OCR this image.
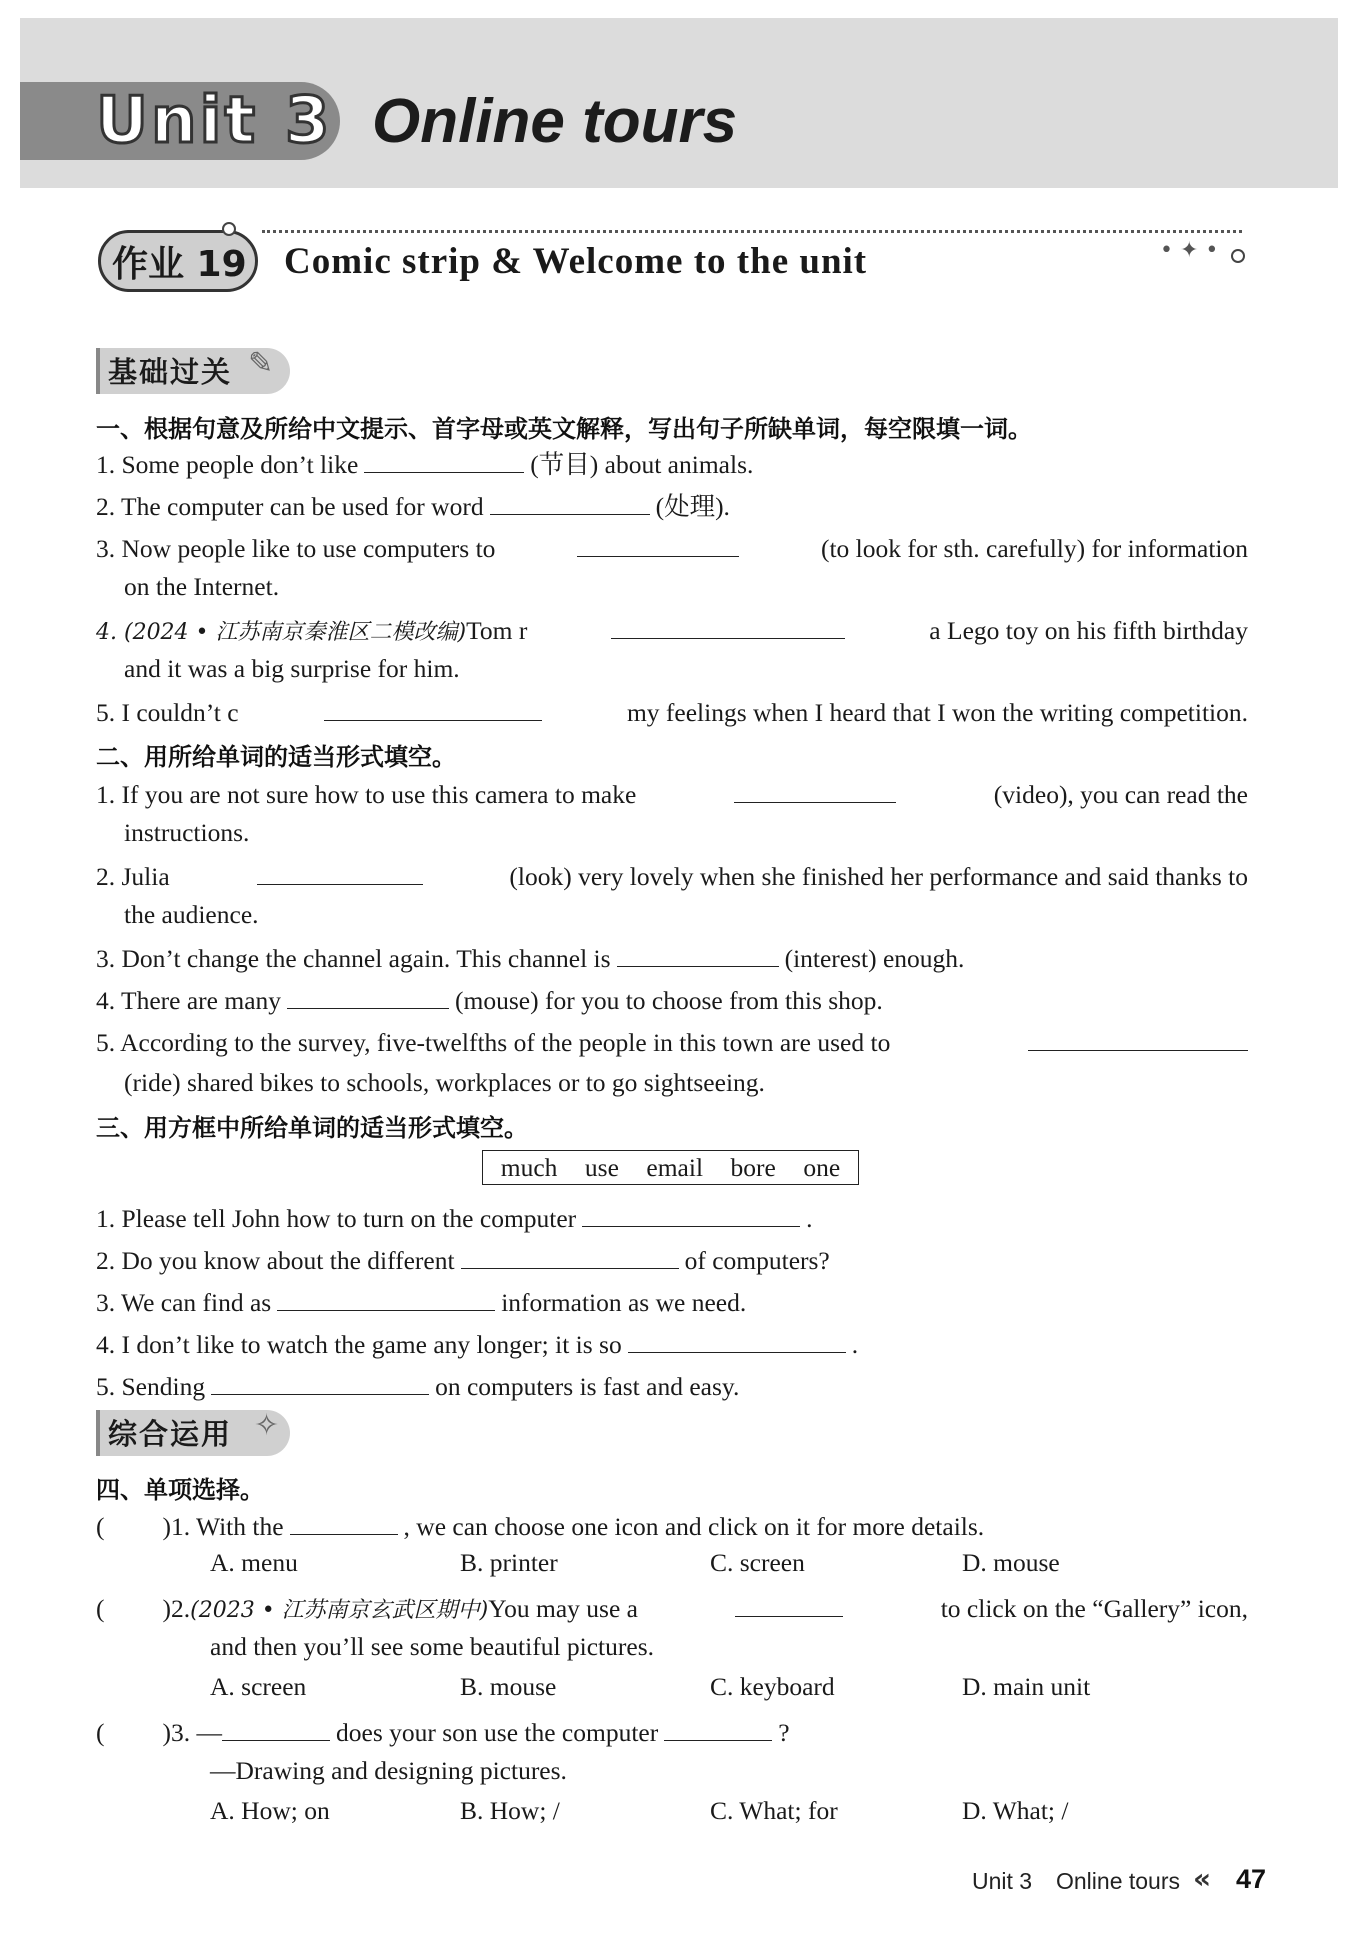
Unit 3 Online tours
作业 19 Comic strip & Welcome to the unit	• ✦ •
基础过关 ✎
一、根据句意及所给中文提示、首字母或英文解释，写出句子所缺单词，每空限填一词。
1. Some people don’t like	(节目) about animals.
2. The computer can be used for word	(处理).
3. Now people like to use computers to	(to look for sth. carefully) for information
on the Internet.
4. (2024 • 江苏南京秦淮区二模改编)Tom r	a Lego toy on his fifth birthday
and it was a big surprise for him.
5. I couldn’t c	my feelings when I heard that I won the writing competition.
二、用所给单词的适当形式填空。
1. If you are not sure how to use this camera to make	(video), you can read the
instructions.
2. Julia	(look) very lovely when she finished her performance and said thanks to
the audience.
3. Don’t change the channel again. This channel is	(interest) enough.
4. There are many	(mouse) for you to choose from this shop.
5. According to the survey, five-twelfths of the people in this town are used to
(ride) shared bikes to schools, workplaces or to go sightseeing.
三、用方框中所给单词的适当形式填空。
much use email bore one
1. Please tell John how to turn on the computer	.
2. Do you know about the different	of computers?
3. We can find as	information as we need.
4. I don’t like to watch the game any longer; it is so	.
5. Sending	on computers is fast and easy.
综合运用 ✧
四、单项选择。
( )1. With the	, we can choose one icon and click on it for more details.
A. menu	B. printer	C. screen	D. mouse
( )2.(2023 • 江苏南京玄武区期中)You may use a	to click on the “Gallery” icon,
and then you’ll see some beautiful pictures.
A. screen	B. mouse	C. keyboard	D. main unit
( )3. —	does your son use the computer	?
—Drawing and designing pictures.
A. How; on	B. How; /	C. What; for	D. What; /
Unit 3 Online tours « 47
